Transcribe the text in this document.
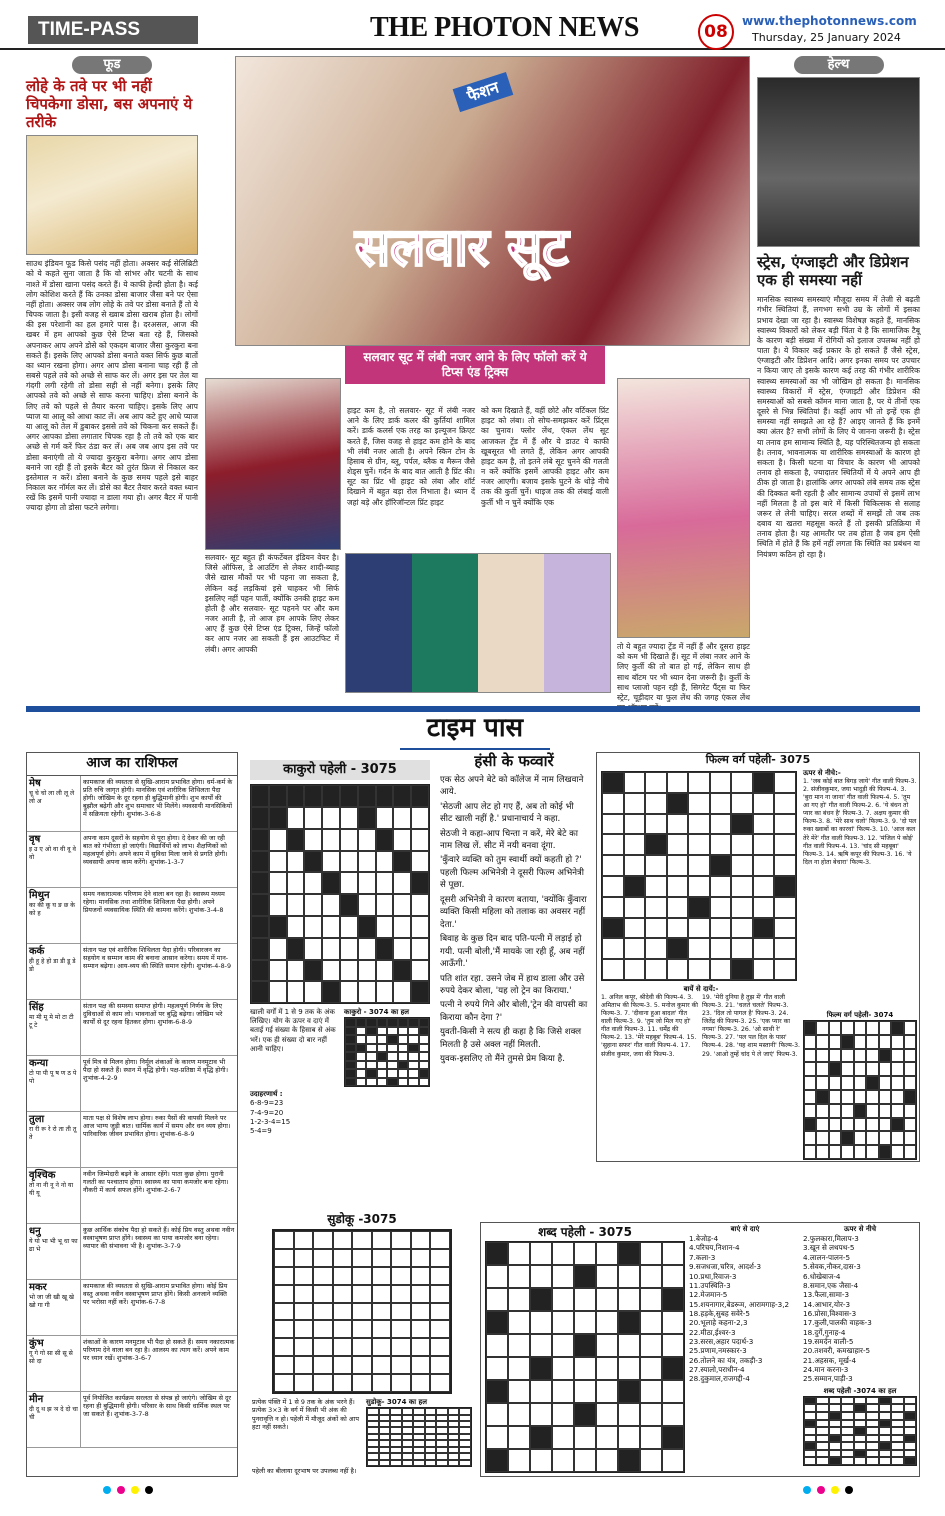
TIME-PASS	THE PHOTON NEWS	08
www.thephotonnews.com
Thursday, 25 January 2024
फूड
लोहे के तवे पर भी नहीं चिपकेगा डोसा, बस अपनाएं ये तरीके
साउथ इंडियन फूड किसे पसंद नहीं होता। अक्सर कई सेलिब्रिटी को ये कहते सुना जाता है कि वो सांभर और चटनी के साथ नाश्ते में डोसा खाना पसंद करते हैं। ये काफी हेल्दी होता है। कई लोग कोशिश करते हैं कि उनका डोसा बाजार जैसा बने पर ऐसा नहीं होता। अक्सर जब लोग लोहे के तवे पर डोसा बनाते हैं तो ये चिपक जाता है। इसी वजह से ख्वाब डोसा खराब होता है। लोगों की इस परेशानी का हल हमारे पास है। दरअसल, आज की खबर में हम आपको कुछ ऐसे टिप्स बता रहे हैं, जिसको अपनाकर आप अपने डोसे को एकदम बाजार जैसा कुरकुरा बना सकते हैं। इसके लिए आपको डोसा बनाते वक्त सिर्फ कुछ बातों का ध्यान रखना होगा। अगर आप डोसा बनाना चाह रही हैं तो सबसे पहले तवे को अच्छे से साफ कर लें। अगर इस पर तेल या गंदगी लगी रहेगी तो डोसा सही से नहीं बनेगा। इसके लिए आपको तवे को अच्छे से साफ करना चाहिए। डोसा बनाने के लिए तवे को पहले से तैयार करना चाहिए। इसके लिए आप प्याज या आलू को आधा काट लें। अब आप कटे हुए आधे प्याज या आलू को तेल में डुबाकर इससे तवे को चिकना कर सकते हैं। अगर आपका डोसा लगातार चिपक रहा है तो तवे को एक बार अच्छे से गर्म करें फिर ठंडा कर लें। अब जब आप इस तवे पर डोसा बनाएंगी तो ये ज्यादा कुरकुरा बनेगा। अगर आप डोसा बनाने जा रही हैं तो इसके बैटर को तुरंत फ्रिज से निकाल कर इस्तेमाल न करें। डोसा बनाने के कुछ समय पहले इसे बाहर निकाल कर नॉर्मल कर लें। डोसे का बैटर तैयार करते वक्त ध्यान रखें कि इसमें पानी ज्यादा न डाला गया हो। अगर बैटर में पानी ज्यादा होगा तो डोसा फटने लगेगा।
फैशन
सलवार सूट
सलवार सूट में लंबी नजर आने के लिए फॉलो करें ये टिप्स एंड ट्रिक्स
हाइट कम है, तो सलवार- सूट में लंबी नजर आने के लिए डार्क कलर की कुर्तियां शामिल करें। डार्क कलर्स एक तरह का इल्यूजन क्रिएट करते हैं, जिस वजह से हाइट कम होने के बाद भी लंबी नजर आती है। अपने स्किन टोन के हिसाब से ग्रीन, ब्लू, पर्पल, ब्लैक व मैरून जैसे शेड्स चुनें। गर्दन के बाद बात आती है प्रिंट की। सूट का प्रिंट भी हाइट को लंबा और शॉर्ट दिखाने में बहुत बड़ा रोल निभाता है। ध्यान दें जहां बड़े और हॉरिजॉन्टल प्रिंट हाइट
को कम दिखाते हैं, वहीं छोटे और वर्टिकल प्रिंट हाइट को लंबा। तो सोच-समझकर करें प्रिंट्स का चुनाव। फ्लोर लेंथ, एंकल लेंथ सूट आजकल ट्रेंड में हैं और ये डाउट ये काफी खूबसूरत भी लगते हैं, लेकिन अगर आपकी हाइट कम है, तो इतने लंबे सूट चुनने की गलती न करें क्योंकि इसमें आपकी हाइट और कम नजर आएगी। बजाय इसके घुटने के थोड़े नीचे तक की कुर्ती चुनें। थाइज तक की लंबाई वाली कुर्ती भी न चुनें क्योंकि एक
सलवार- सूट बहुत ही कंफर्टेबल इंडियन वेयर है। जिसे ऑफिस, डे आउटिंग से लेकर शादी-ब्याह जैसे खास मौकों पर भी पहना जा सकता है, लेकिन कई लड़कियां इसे चाहकर भी सिर्फ इसलिए नहीं पहन पातीं, क्योंकि उनकी हाइट कम होती है और सलवार- सूट पहनने पर और कम नजर आती है, तो आज हम आपके लिए लेकर आए हैं कुछ ऐसे टिप्स एंड ट्रिक्स, जिन्हें फॉलो कर आप नजर आ सकती हैं इस आउटफिट में लंबी। अगर आपकी	तो ये बहुत ज्यादा ट्रेंड में नहीं हैं और दूसरा हाइट को कम भी दिखाते हैं। सूट में लंबा नजर आने के लिए कुर्ती की तो बात हो गई, लेकिन साथ ही साथ बॉटम पर भी ध्यान देना जरूरी है। कुर्ती के साथ प्लाजो पहन रही हैं, सिगरेट पैंट्स या फिर स्ट्रेट, चूड़ीदार या फुल लेंथ की जगह एंकल लेंथ
हेल्थ
स्ट्रेस, एंग्जाइटी और डिप्रेशन एक ही समस्या नहीं
मानसिक स्वास्थ्य समस्याएं मौजूदा समय में तेजी से बढ़ती गंभीर स्थितियां हैं, लगभग सभी उम्र के लोगों में इसका प्रभाव देखा जा रहा है। स्वास्थ्य विशेषज्ञ कहते हैं, मानसिक स्वास्थ्य विकारों को लेकर बड़ी चिंता ये है कि सामाजिक टैबू के कारण बड़ी संख्या में रोगियों को इलाज उपलब्ध नहीं हो पाता है। ये विकार कई प्रकार के हो सकते हैं जैसे स्ट्रेस, एंग्जाइटी और डिप्रेशन आदि। अगर इनका समय पर उपचार न किया जाए तो इसके कारण कई तरह की गंभीर शारीरिक स्वास्थ्य समस्याओं का भी जोखिम हो सकता है। मानसिक स्वास्थ्य विकारों में स्ट्रेस, एंग्जाइटी और डिप्रेशन की समस्याओं को सबसे कॉमन माना जाता है, पर ये तीनों एक दूसरे से भिन्न स्थितियां हैं। कहीं आप भी तो इन्हें एक ही समस्या नहीं समझते आ रहे हैं? आइए जानते हैं कि इनमें क्या अंतर है? सभी लोगों के लिए ये जानना जरूरी है। स्ट्रेस या तनाव हम सामान्य स्थिति है, यह परिस्थितजन्य हो सकता है। तनाव, भावनात्मक या शारीरिक समस्याओं के कारण हो सकता है। किसी घटना या विचार के कारण भी आपको तनाव हो सकता है, ज्यादातर स्थितियों में ये अपने आप ही ठीक हो जाता है। हालांकि अगर आपको लंबे समय तक स्ट्रेस की दिक्कत बनी रहती है और सामान्य उपायों से इसमें लाभ नहीं मिलता है तो इस बारे में किसी चिकित्सक से सलाह जरूर ले लेनी चाहिए। सरल शब्दों में समझें तो जब तक दबाव या खतरा महसूस करते हैं तो इसकी प्रतिक्रिया में तनाव होता है। यह आमतौर पर तब होता है जब हम ऐसी स्थिति में होते हैं कि हमें नहीं लगता कि स्थिति का प्रबंधन या नियंत्रण कठिन हो रहा है।
टाइम पास
आज का राशिफल
मेष
चू चे चो ला ली लू ले लो अ
कामकाज की व्यस्तता से सुखि-आराम प्रभावित होगा। धर्म-कर्म के प्रति रुचि जागृत होगी। मानसिक एवं शारीरिक शिथिलता पैदा होगी। जोखिम के दूर रहना ही बुद्धिमानी होगी। शुभ कार्यों की बुझौल बढ़ेगी और शुभ समाचार भी मिलेंगे। व्यवसायी मानसिकियों में सक्रियता रहेगी। शुभांक-3-6-8
वृष
इ उ ए ओ वा वी वू वे वो
अपना काम दूसरों के सहयोग से पूरा होगा। दे देकर की जा रही बात को गंभीरता हो जाएंगी। विद्यार्थियों को लाभ। शैक्षणिकों को महत्वपूर्ण होगे। अपने काम में सुविधा मिला जाने से प्रगति होगी। व्यवसायी अपना काम करेंगे। शुभांक-1-3-7
मिथुन
का की कू घ ङ छ के को ह
समय नकारात्मक परिणाम देने वाला बन रहा है। स्वास्थ्य मध्यम रहेगा। मानसिक तथा शारीरिक शिथिलता पैदा होगी। अपने प्रियजनों व्यवसायिक स्थिति की कामना करेंगे। शुभांक-3-4-8
कर्क
ही हू हे हो डा डी डू डे डो
संतान पक्ष एवं शारीरिक शिथिलता पैदा होगी। परिवारजन का सहयोग व सम्मान काम की बनाना आसान करेगा। समय में मान-सम्मान बढ़ेगा। आय-व्यय की स्थिति समान रहेगी। शुभांक-4-8-9
सिंह
मा मी मू मे मो टा टी टू टे
संतान पक्ष की समस्या समाप्त होगी। महत्वपूर्ण निर्णय के लिए दुविधाओं से काम लो। भावनाओं पर बुद्धि बढ़ेगा। जोखिम भरे कार्यों से दूर रहना हितकर होगा। शुभांक-6-8-9
कन्या
टो पा पी पू ष ण ठ पे पो
पूर्व मित्र से मिलन होगा। निर्मूल शंकाओं के कारण मनमुटाव भी पैदा हो सकते हैं। स्थान में वृद्धि होगी। पक्ष-प्रतिष्ठा में वृद्धि होगी। शुभांक-4-2-9
तुला
रा री रू रे रो ता ती तू ते
माता पक्ष से विशेष लाभ होगा। रुका पैसों की वापसी मिलने पर आज भाग्य जुड़ी बात। धार्मिक कार्य में समय और धन व्यय होगा। पारिवारिक जीवन प्रभावित होगा। शुभांक-6-8-9
वृश्चिक
तो ना नी नू ने नो या यी यू
नवीन जिम्मेदारी बढ़ने के आसार रहेंगे। पाता कुछ होगा। पुरानी गलती का पश्चाताप होगा। स्वास्थ्य का पाया कमजोर बना रहेगा। नौकरी में कार्य सफल होंगे। शुभांक-2-6-7
धनु
ये यो भा भी भू धा फा ढा भे
कुछ आर्थिक संकोच पैदा हो सकते हैं। कोई प्रिय वस्तु अथवा नवीन वस्त्राभूषण प्राप्त होंगे। स्वास्थ्य का पाया कमजोर बना रहेगा। व्यापार की संभावना भी है। शुभांक-3-7-9
मकर
भो जा जी खी खू खे खो गा गी
कामकाज की व्यस्तता से सुखि-आराम प्रभावित होगा। कोई प्रिय वस्तु अथवा नवीन वस्त्राभूषण प्राप्त होंगे। किसी अनजाने व्यक्ति पर भरोसा नहीं करें। शुभांक-6-7-8
कुंभ
गू गे गो सा सी सू से सो दा
शंकाओं के कारण मनमुटाव भी पैदा हो सकते हैं। समय नकारात्मक परिणाम देने वाला बन रहा है। आलस्य का त्याग करें। अपने काम पर ध्यान रखें। शुभांक-3-6-7
मीन
दी दू थ झ ञ दे दो चा ची
पूर्व नियोजित कार्यक्रम सरलता से संपन्न हो जाएंगे। जोखिम से दूर रहना ही बुद्धिमानी होगी। परिवार के साथ किसी धार्मिक स्थल पर जा सकते हैं। शुभांक-3-7-8
काकुरो पहेली - 3075
खाली वर्गों में 1 से 9 तक के अंक लिखिए। योग के ऊपर व दाएं में बताई गई संख्या के हिसाब से अंक भरें। एक ही संख्या दो बार नहीं आनी चाहिए।
काकुरो - 3074 का हल
उदाहरणार्थ :
6-8-9=23
7-4-9=20
1-2-3-4=15
5-4=9
हंसी के फव्वारें
एक सेठ अपने बेटे को कॉलेज में नाम लिखवाने आये.
'सेठजी आप लेट हो गए हैं, अब तो कोई भी सीट खाली नहीं है.' प्रधानाचार्य ने कहा.
सेठजी ने कहा-आप चिन्ता न करें, मेरे बेटे का नाम लिख लें. सीट में नयी बनवा दूंगा.
'कुँवारे व्यक्ति को तुम स्वार्थी क्यों कहती हो ?' पहली फिल्म अभिनेत्री ने दूसरी फिल्म अभिनेत्री से पूछा.
दूसरी अभिनेत्री ने कारण बताया, 'क्योंकि कुँवारा व्यक्ति किसी महिला को तलाक का अवसर नहीं देता.'
बिवाह के कुछ दिन बाद पति-पत्नी में लड़ाई हो गयी. पत्नी बोली,'मैं मायके जा रही हूँ, अब नहीं आऊँगी.'
पति शांत रहा. उसने जेब में हाथ डाला और उसे रुपये देकर बोला, 'यह लो ट्रेन का किराया.'
पत्नी ने रुपये गिने और बोली,'ट्रेन की वापसी का किराया कौन देगा ?'
युवती-किसी ने सत्य ही कहा है कि जिसे शक्ल मिलती है उसे अक्ल नहीं मिलती.
युवक-इसलिए तो मैंने तुमसे प्रेम किया है.
फिल्म वर्ग पहेली- 3075
ऊपर से नीचे:-
1. 'जब कोई बात बिगड़ जाये' गीत वाली फिल्म-3. 2. संजीवकुमार, जया भादुड़ी की फिल्म-4. 3. 'बुरा मान ना जाना' गीत वाली फिल्म-4. 5. 'तुम आ गए हो' गीत वाली फिल्म-2. 6. 'ये बंधन तो प्यार का बंधन है' फिल्म-3. 7. अक्षय कुमार की फिल्म-3. 8. 'मेरे साथ चलो' फिल्म-3. 9. 'दो पल रुका ख्वाबों का कारवां' फिल्म-3. 10. 'आज कल तेरे मेरे' गीत वाली फिल्म-3. 12. 'मंजिल पे कोई' गीत वाली फिल्म-4. 13. 'चांद सी महबूबा' फिल्म-3. 14. ऋषि कपूर की फिल्म-3. 16. 'ये दिल ना होता बेचारा' फिल्म-3.
बायें से दायें:-
1. अनिल कपूर, श्रीदेवी की फिल्म-4. 3. अमिताभ की फिल्म-3. 5. मनोज कुमार की फिल्म-3. 7. 'दीवाना हुआ बादल' गीत वाली फिल्म-3. 9. 'तुम जो मिल गए हो' गीत वाली फिल्म-3. 11. धर्मेंद्र की फिल्म-2. 13. 'मेरे महबूब' फिल्म-4. 15. 'सुहाना सफर' गीत वाली फिल्म-4. 17. संजीव कुमार, जया की फिल्म-3.
19. 'मेरी दुनिया है तुझ में' गीत वाली फिल्म-3. 21. 'चलते चलते' फिल्म-3. 23. 'दिल तो पागल है' फिल्म-3. 24. जितेंद्र की फिल्म-3. 25. 'एक प्यार का नगमा' फिल्म-3. 26. 'ओ साथी रे' फिल्म-3. 27. 'पल पल दिल के पास' फिल्म-4. 28. 'यह शाम मस्तानी' फिल्म-3. 29. 'आओ तुम्हें चांद पे ले जाएं' फिल्म-3.
फिल्म वर्ग पहेली- 3074
सुडोकू -3075
प्रत्येक पंक्ति में 1 से 9 तक के अंक भरने हैं। प्रत्येक 3×3 के वर्ग में किसी भी अंक की पुनरावृत्ति न हो। पहेली में मौजूद अंकों को आप हटा नहीं सकते।
सुडोकू- 3074 का हल
पहेली का बीलाया दूरभाष पर उपलब्ध नहीं है।
शब्द पहेली - 3075	बाएं से दाएं
1.बेजोड़-4
4.परिचय,निशान-4
7.कला-3
9.सजधजा,चरित्र, आदर्श-3
10.प्रथा,रिवाज-3
11.उपस्थिति-3
12.मेजमान-5
15.शयनागार,बेडरूम, आरामगाह-3,2
18.हड़के,सुबह सवेरे-5
20.भूलाहे कहना-2,3
22.मीठा,ईश्वर-3
23.सरस,अहार पदार्थ-3
25.प्रणाम,नमस्कार-3
26.तोलने का यंत्र, तकड़ी-3
27.स्यालो,पराधीन-4
28.दुकुमाल,राजगद्दी-4
ऊपर से नीचे
2.फुलकारा,मिलाप-3
3.खून से लथपथ-5
4.लालन-पालन-5
5.सेवक,नौकर,दास-3
6.धोखेबाज-4
8.समान,एक जैसा-4
13.फैला,सामा-3
14.आभार,योर-3
16.प्रोसा,विश्वास-3
17.कुली,पालकी वाहक-3
18.दुर्गे,गुनाह-4
19.समर्दन वाली-5
20.तशवरी, कमखाहार-5
21.अहसक, मूर्ख-4
24.मान करना-3
25.सम्मान,पाड़ी-3
शब्द पहेली -3074 का हल
